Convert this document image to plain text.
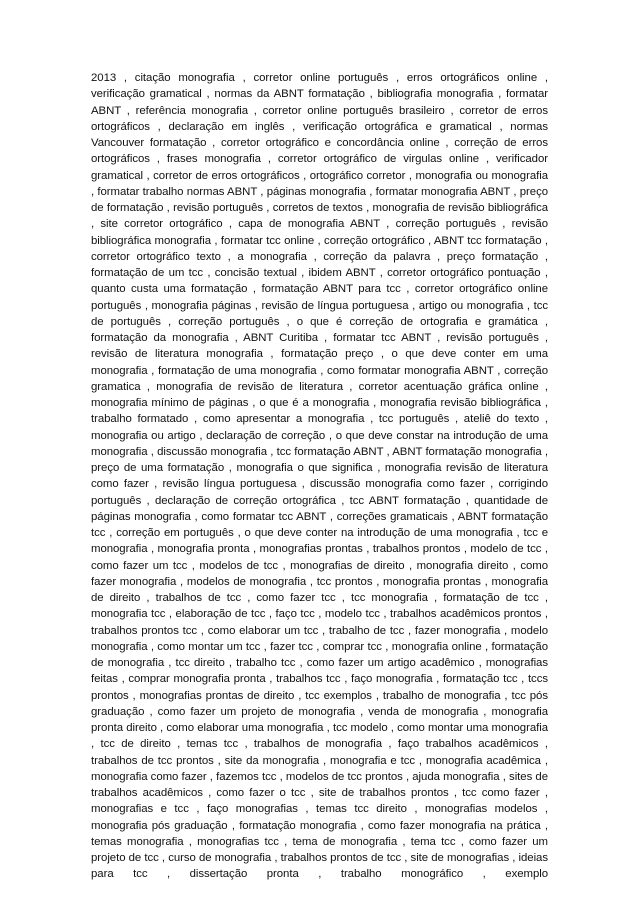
2013 , citação monografia , corretor online português , erros ortográficos online , verificação gramatical , normas da ABNT formatação , bibliografia monografia , formatar ABNT , referência monografia , corretor online português brasileiro , corretor de erros ortográficos , declaração em inglês , verificação ortográfica e gramatical , normas Vancouver formatação , corretor ortográfico e concordância online , correção de erros ortográficos , frases monografia , corretor ortográfico de virgulas online , verificador gramatical , corretor de erros ortográficos , ortográfico corretor , monografia ou monografia , formatar trabalho normas ABNT , páginas monografia , formatar monografia ABNT , preço de formatação , revisão português , corretos de textos , monografia de revisão bibliográfica , site corretor ortográfico , capa de monografia ABNT , correção português , revisão bibliográfica monografia , formatar tcc online , correção ortográfico , ABNT tcc formatação , corretor ortográfico texto , a monografia , correção da palavra , preço formatação , formatação de um tcc , concisão textual , ibidem ABNT , corretor ortográfico pontuação , quanto custa uma formatação , formatação ABNT para tcc , corretor ortográfico online português , monografia páginas , revisão de língua portuguesa , artigo ou monografia , tcc de português , correção português , o que é correção de ortografia e gramática , formatação da monografia , ABNT Curitiba , formatar tcc ABNT , revisão português , revisão de literatura monografia , formatação preço , o que deve conter em uma monografia , formatação de uma monografia , como formatar monografia ABNT , correção gramatica , monografia de revisão de literatura , corretor acentuação gráfica online , monografia mínimo de páginas , o que é a monografia , monografia revisão bibliográfica , trabalho formatado , como apresentar a monografia , tcc português , ateliê do texto , monografia ou artigo , declaração de correção , o que deve constar na introdução de uma monografia , discussão monografia , tcc formatação ABNT , ABNT formatação monografia , preço de uma formatação , monografia o que significa , monografia revisão de literatura como fazer , revisão língua portuguesa , discussão monografia como fazer , corrigindo português , declaração de correção ortográfica , tcc ABNT formatação , quantidade de páginas monografia , como formatar tcc ABNT , correções gramaticais , ABNT formatação tcc , correção em português , o que deve conter na introdução de uma monografia , tcc e monografia , monografia pronta , monografias prontas , trabalhos prontos , modelo de tcc , como fazer um tcc , modelos de tcc , monografias de direito , monografia direito , como fazer monografia , modelos de monografia , tcc prontos , monografia prontas , monografia de direito , trabalhos de tcc , como fazer tcc , tcc monografia , formatação de tcc , monografia tcc , elaboração de tcc , faço tcc , modelo tcc , trabalhos acadêmicos prontos , trabalhos prontos tcc , como elaborar um tcc , trabalho de tcc , fazer monografia , modelo monografia , como montar um tcc , fazer tcc , comprar tcc , monografia online , formatação de monografia , tcc direito , trabalho tcc , como fazer um artigo acadêmico , monografias feitas , comprar monografia pronta , trabalhos tcc , faço monografia , formatação tcc , tccs prontos , monografias prontas de direito , tcc exemplos , trabalho de monografia , tcc pós graduação , como fazer um projeto de monografia , venda de monografia , monografia pronta direito , como elaborar uma monografia , tcc modelo , como montar uma monografia , tcc de direito , temas tcc , trabalhos de monografia , faço trabalhos acadêmicos , trabalhos de tcc prontos , site da monografia , monografia e tcc , monografia acadêmica , monografia como fazer , fazemos tcc , modelos de tcc prontos , ajuda monografia , sites de trabalhos acadêmicos , como fazer o tcc , site de trabalhos prontos , tcc como fazer , monografias e tcc , faço monografias , temas tcc direito , monografias modelos , monografia pós graduação , formatação monografia , como fazer monografia na prática , temas monografia , monografias tcc , tema de monografia , tema tcc , como fazer um projeto de tcc , curso de monografia , trabalhos prontos de tcc , site de monografias , ideias para tcc , dissertação pronta , trabalho monográfico , exemplo
